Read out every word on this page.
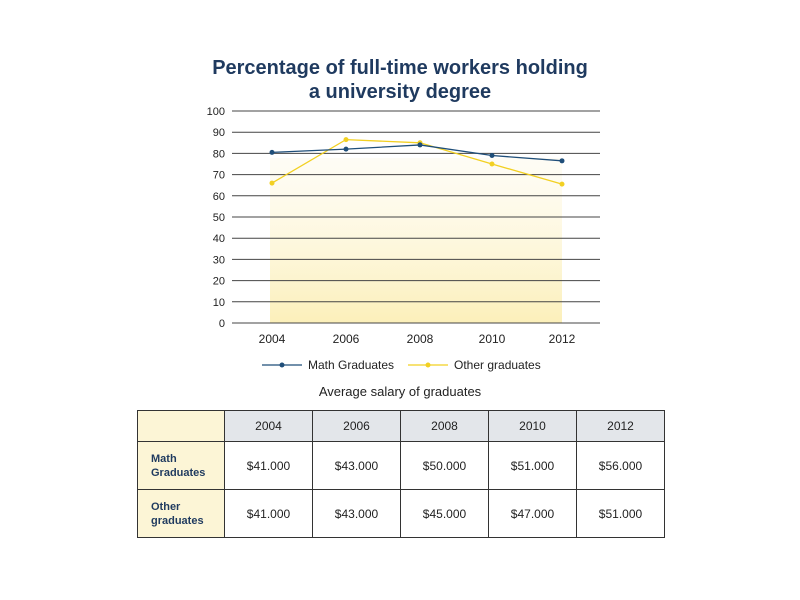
Percentage of full-time workers holding
a university degree
0
10
20
30
40
50
60
70
80
90
100
2004	2006	2008	2010	2012
Math Graduates	Other graduates
Average salary of graduates
	2004	2006	2008	2010	2012
Math
Graduates	$41.000	$43.000	$50.000	$51.000	$56.000
Other
graduates	$41.000	$43.000	$45.000	$47.000	$51.000
